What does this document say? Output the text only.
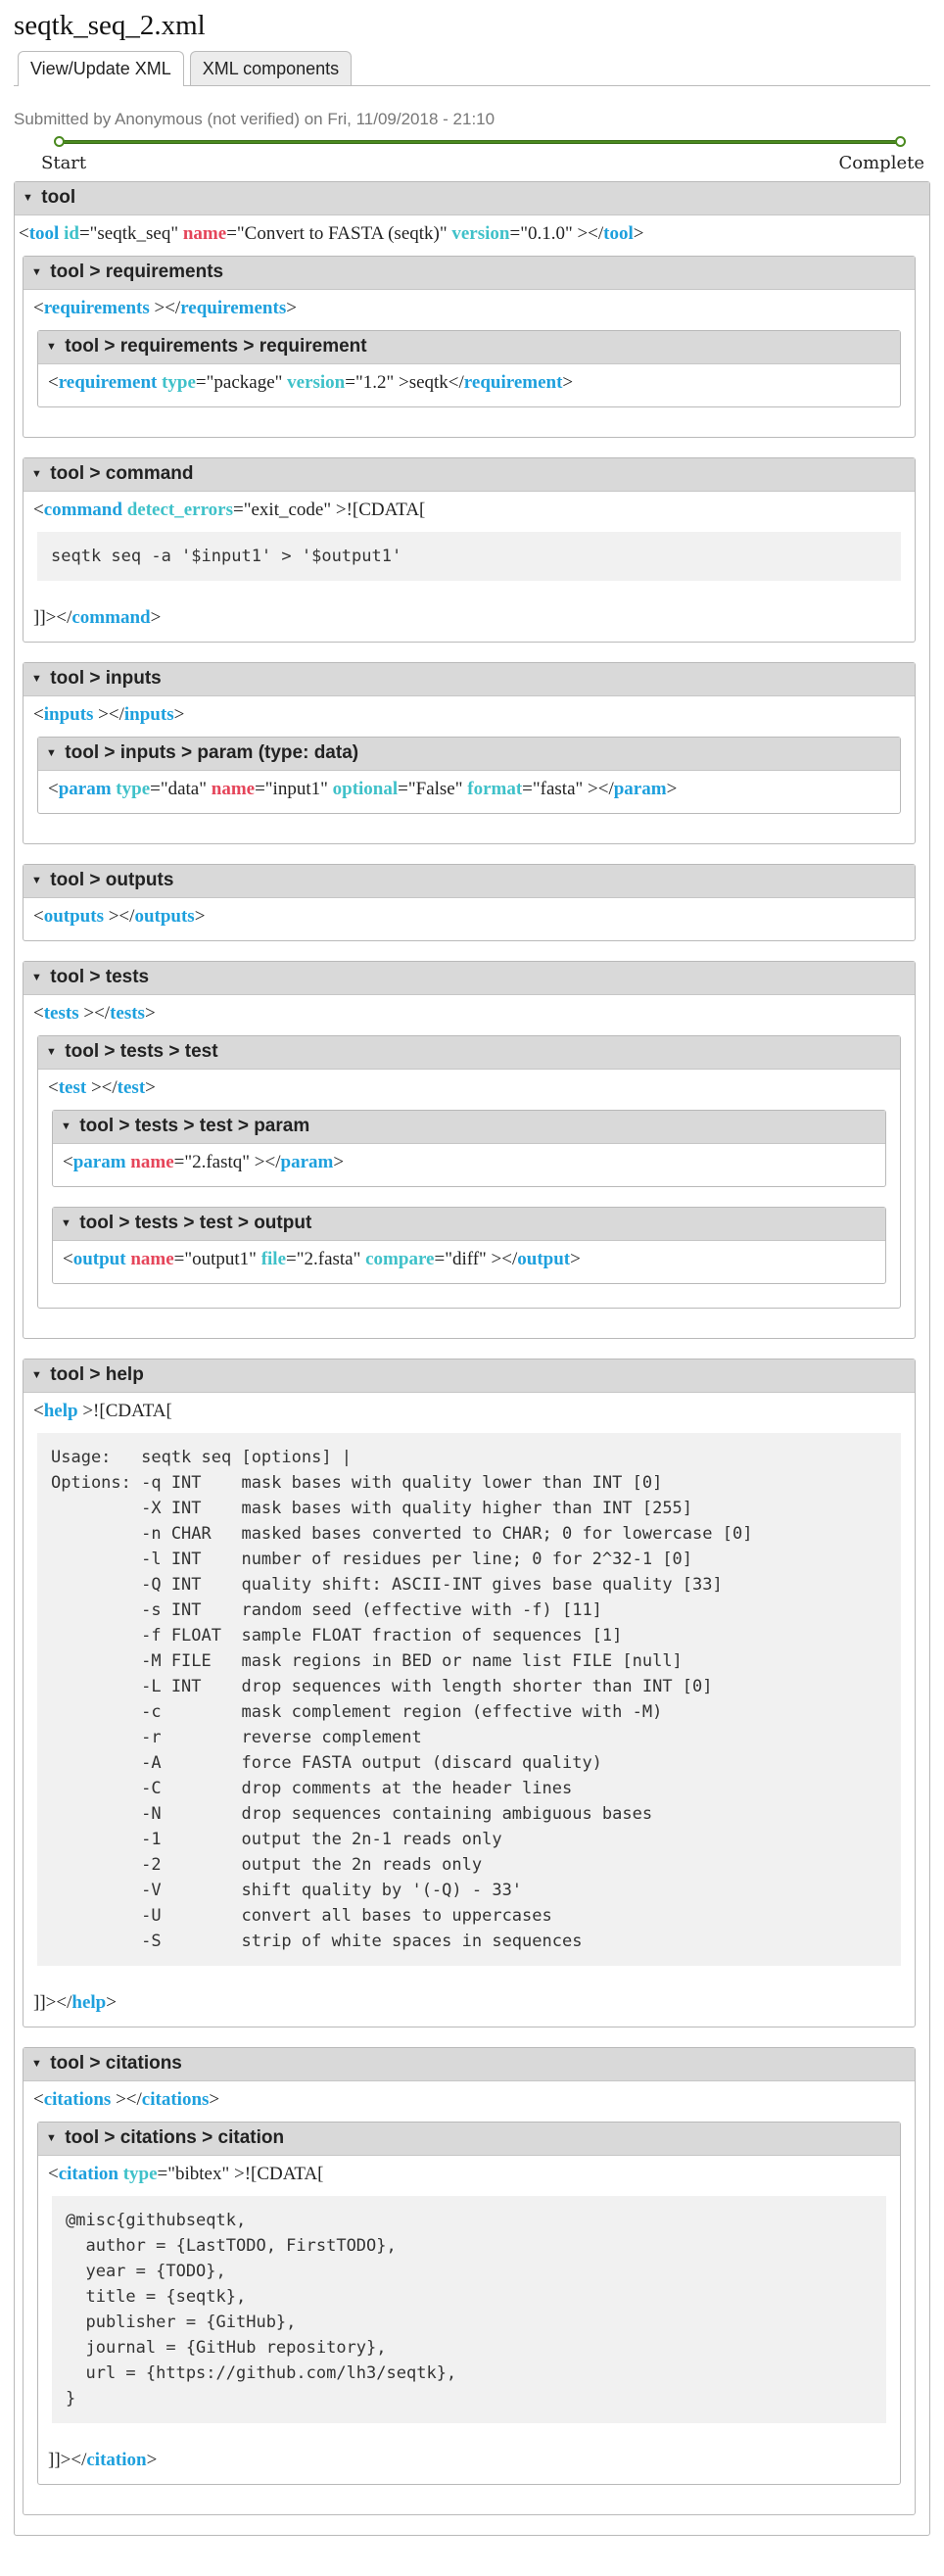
seqtk_seq_2.xml
View/Update XML	XML components
Submitted by Anonymous (not verified) on Fri, 11/09/2018 - 21:10
Start	Complete
▼ tool
<tool id="seqtk_seq" name="Convert to FASTA (seqtk)" version="0.1.0" ></tool>
▼ tool > requirements
<requirements ></requirements>
▼ tool > requirements > requirement
<requirement type="package" version="1.2" >seqtk</requirement>
▼ tool > command
<command detect_errors="exit_code" >![CDATA[
seqtk seq -a '$input1' > '$output1'
]]></command>
▼ tool > inputs
<inputs ></inputs>
▼ tool > inputs > param (type: data)
<param type="data" name="input1" optional="False" format="fasta" ></param>
▼ tool > outputs
<outputs ></outputs>
▼ tool > tests
<tests ></tests>
▼ tool > tests > test
<test ></test>
▼ tool > tests > test > param
<param name="2.fastq" ></param>
▼ tool > tests > test > output
<output name="output1" file="2.fasta" compare="diff" ></output>
▼ tool > help
<help >![CDATA[
Usage:   seqtk seq [options] |
Options: -q INT    mask bases with quality lower than INT [0]
-X INT    mask bases with quality higher than INT [255]
-n CHAR   masked bases converted to CHAR; 0 for lowercase [0]
-l INT    number of residues per line; 0 for 2^32-1 [0]
-Q INT    quality shift: ASCII-INT gives base quality [33]
-s INT    random seed (effective with -f) [11]
-f FLOAT  sample FLOAT fraction of sequences [1]
-M FILE   mask regions in BED or name list FILE [null]
-L INT    drop sequences with length shorter than INT [0]
-c        mask complement region (effective with -M)
-r        reverse complement
-A        force FASTA output (discard quality)
-C        drop comments at the header lines
-N        drop sequences containing ambiguous bases
-1        output the 2n-1 reads only
-2        output the 2n reads only
-V        shift quality by '(-Q) - 33'
-U        convert all bases to uppercases
-S        strip of white spaces in sequences
]]></help>
▼ tool > citations
<citations ></citations>
▼ tool > citations > citation
<citation type="bibtex" >![CDATA[
@misc{githubseqtk,
author = {LastTODO, FirstTODO},
year = {TODO},
title = {seqtk},
publisher = {GitHub},
journal = {GitHub repository},
url = {https://github.com/lh3/seqtk},
}
]]></citation>
